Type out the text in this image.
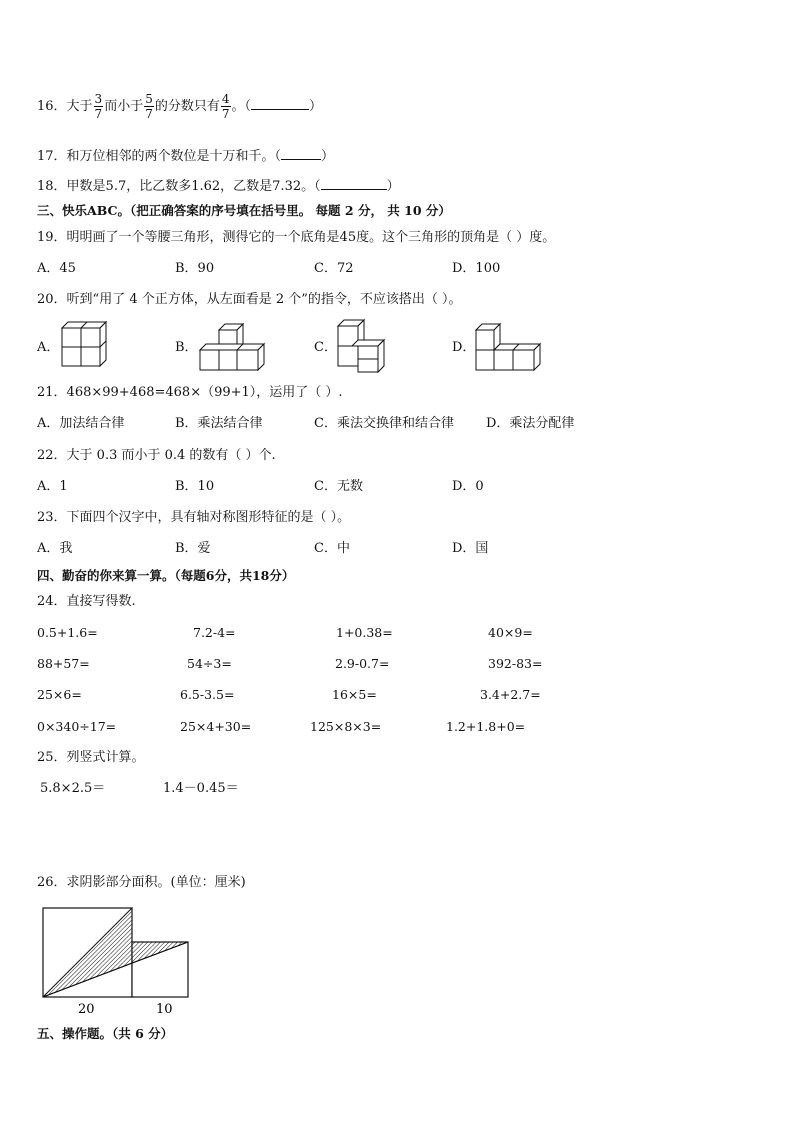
16．大于 $\frac{3}{7}$ 而小于 $\frac{5}{7}$ 的分数只有 $\frac{4}{7}$ 。（	）
17．和万位相邻的两个数位是十万和千。（	）
18．甲数是5.7，比乙数多1.62，乙数是7.32。（	）
三、快乐ABC。（把正确答案的序号填在括号里。 每题 2 分， 共 10 分）
19．明明画了一个等腰三角形，测得它的一个底角是45度。这个三角形的顶角是（ ）度。
A．45	B．90	C．72	D．100
20．听到“用了 4 个正方体，从左面看是 2 个”的指令，不应该搭出（ ）。
A．	B．	C．	D．
21．468×99+468=468×（99+1），运用了（ ）.
A．加法结合律	B．乘法结合律	C．乘法交换律和结合律 D．乘法分配律
22．大于 0.3 而小于 0.4 的数有（ ）个.
A．1	B．10	C．无数	D．0
23．下面四个汉字中，具有轴对称图形特征的是（ ）。
A．我	B．爱	C．中	D．国
四、勤奋的你来算一算。（每题6分，共18分）
24．直接写得数.
0.5+1.6=	7.2-4=	1+0.38=	40×9=
88+57=	54÷3=	2.9-0.7=	392-83=
25×6=	6.5-3.5=	16×5=	3.4+2.7=
0×340÷17=	25×4+30=	125×8×3=	1.2+1.8+0=
25．列竖式计算。
5.8×2.5＝	1.4－0.45＝
26．求阴影部分面积。(单位：厘米)
20	10
五、操作题。（共 6 分）
